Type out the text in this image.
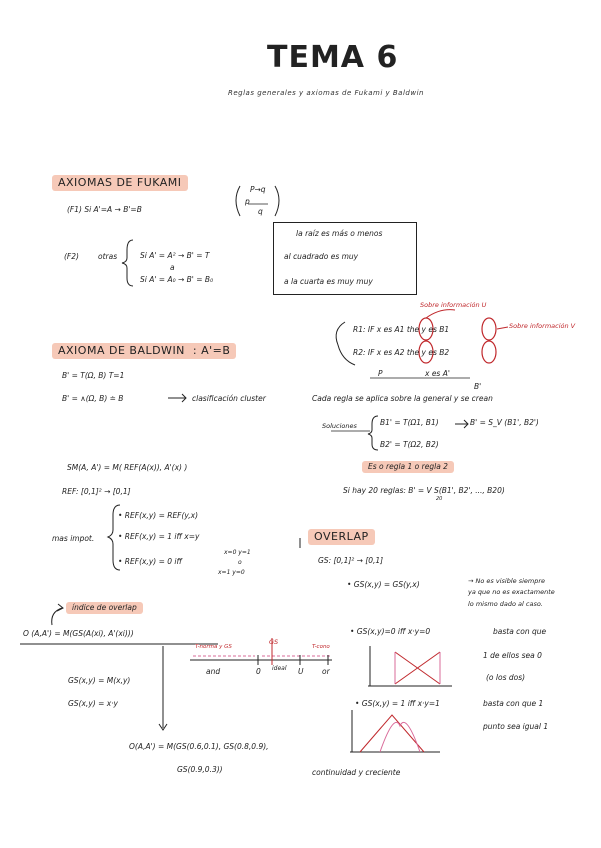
TEMA 6
Reglas generales y axiomas de Fukami y Baldwin
AXIOMAS DE FUKAMI
(F1) Si A'=A → B'=B
P→q
p
q
(F2)	otras	Si A' = A² → B' = T
a
Si A' = A₀ → B' = B₀
la raíz es más o menos
al cuadrado es muy
a la cuarta es muy muy
AXIOMA DE BALDWIN  : A'=B
B' = T(Ω, B) T=1
B' = ∧(Ω, B) ≐ B	clasificación cluster
Sobre información U
Sobre información V
R1: IF x es A1 the y es B1
R2: IF x es A2 the y es B2
P	x es A'
B'
Cada regla se aplica sobre la general y se crean
Soluciones	B1' = T(Ω1, B1)
B2' = T(Ω2, B2)
B' = S_V (B1', B2')
Es o regla 1 o regla 2
Si hay 20 reglas: B' = V S(B1', B2', ..., B20)
20
SM(A, A') = M( REF(A(x)), A'(x) )
REF: [0,1]² → [0,1]
mas impot.
• REF(x,y) = REF(y,x)
• REF(x,y) = 1 iff x=y
• REF(x,y) = 0 iff
x=0 y=1
o
x=1 y=0
OVERLAP
GS: [0,1]² → [0,1]
• GS(x,y) = GS(y,x)	→ No es visible siempre
ya que no es exactamente
lo mismo dado al caso.
• GS(x,y)=0 iff x·y=0	basta con que
1 de ellos sea 0
(o los dos)
• GS(x,y) = 1 iff x·y=1	basta con que 1
punto sea igual 1
continuidad y creciente
índice de overlap
O (A,A') = M(GS(A(xi), A'(xi)))
T-norma y GS
GS
T-cono
and	0 ideal U or
GS(x,y) = M(x,y)
GS(x,y) = x·y
O(A,A') = M(GS(0.6,0.1), GS(0.8,0.9),
GS(0.9,0.3))
